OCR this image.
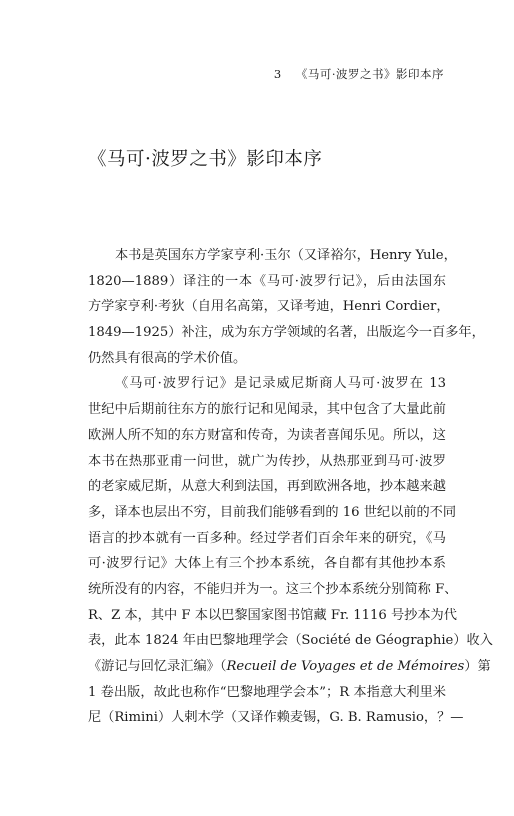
3 《马可·波罗之书》影印本序
《马可·波罗之书》影印本序
本书是英国东方学家亨利·玉尔（又译裕尔，Henry Yule，
1820—1889）译注的一本《马可·波罗行记》，后由法国东
方学家亨利·考狄（自用名高第，又译考迪，Henri Cordier，
1849—1925）补注，成为东方学领域的名著，出版迄今一百多年，
仍然具有很高的学术价值。
《马可·波罗行记》是记录威尼斯商人马可·波罗在 13
世纪中后期前往东方的旅行记和见闻录，其中包含了大量此前
欧洲人所不知的东方财富和传奇，为读者喜闻乐见。所以，这
本书在热那亚甫一问世，就广为传抄，从热那亚到马可·波罗
的老家威尼斯，从意大利到法国，再到欧洲各地，抄本越来越
多，译本也层出不穷，目前我们能够看到的 16 世纪以前的不同
语言的抄本就有一百多种。经过学者们百余年来的研究，《马
可·波罗行记》大体上有三个抄本系统，各自都有其他抄本系
统所没有的内容，不能归并为一。这三个抄本系统分别简称 F、
R、Z 本，其中 F 本以巴黎国家图书馆藏 Fr. 1116 号抄本为代
表，此本 1824 年由巴黎地理学会（Société de Géographie）收入
《游记与回忆录汇编》（Recueil de Voyages et de Mémoires）第
1 卷出版，故此也称作“巴黎地理学会本”；R 本指意大利里米
尼（Rimini）人剌木学（又译作赖麦锡，G. B. Ramusio，？—
